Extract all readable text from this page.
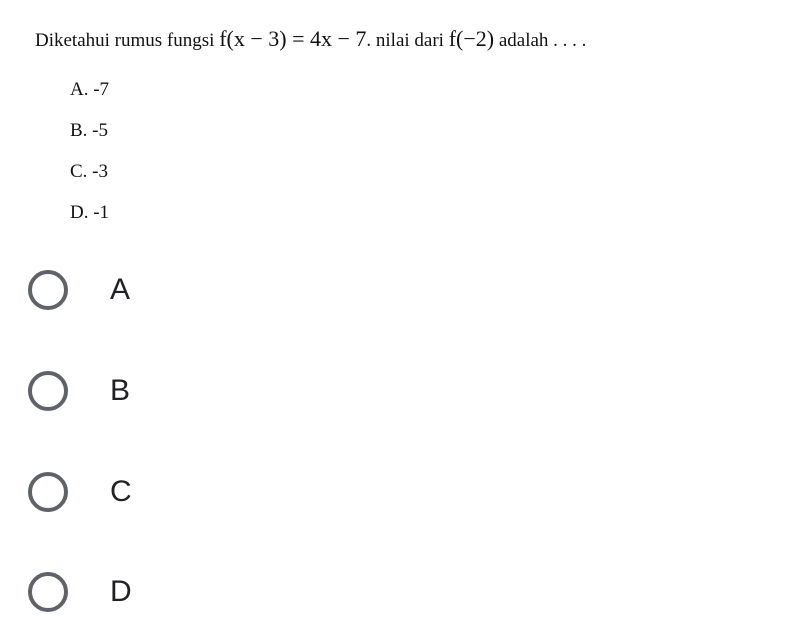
Diketahui rumus fungsi f(x − 3) = 4x − 7. nilai dari f(−2) adalah . . . .
A. -7
B. -5
C. -3
D. -1
A
B
C
D
